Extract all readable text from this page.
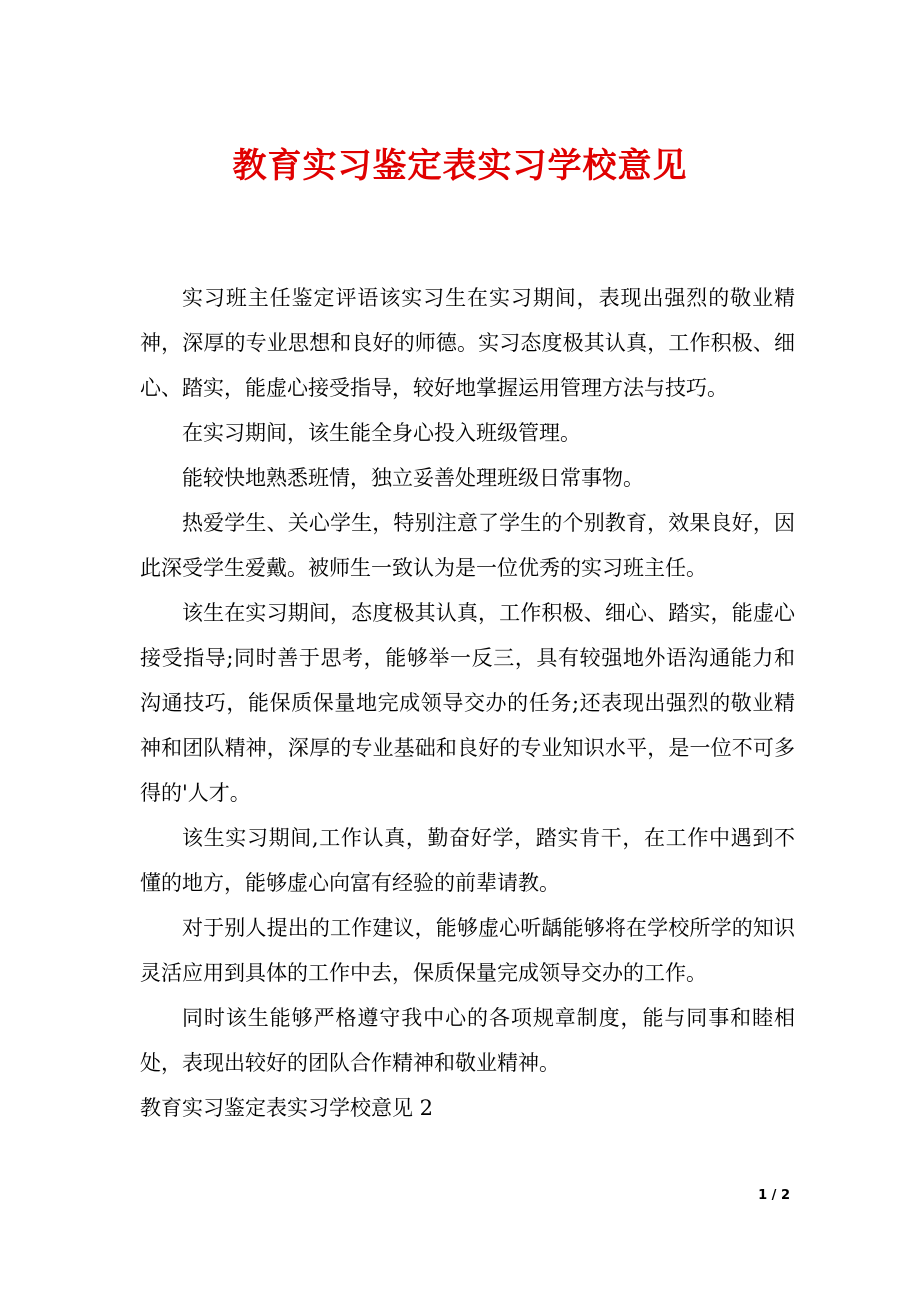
教育实习鉴定表实习学校意见

实习班主任鉴定评语该实习生在实习期间，表现出强烈的敬业精神，深厚的专业思想和良好的师德。实习态度极其认真，工作积极、细心、踏实，能虚心接受指导，较好地掌握运用管理方法与技巧。

在实习期间，该生能全身心投入班级管理。

能较快地熟悉班情，独立妥善处理班级日常事物。

热爱学生、关心学生，特别注意了学生的个别教育，效果良好，因此深受学生爱戴。被师生一致认为是一位优秀的实习班主任。

该生在实习期间，态度极其认真，工作积极、细心、踏实，能虚心接受指导;同时善于思考，能够举一反三，具有较强地外语沟通能力和沟通技巧，能保质保量地完成领导交办的任务;还表现出强烈的敬业精神和团队精神，深厚的专业基础和良好的专业知识水平，是一位不可多得的'人才。

该生实习期间,工作认真，勤奋好学，踏实肯干，在工作中遇到不懂的地方，能够虚心向富有经验的前辈请教。

对于别人提出的工作建议，能够虚心听龋能够将在学校所学的知识灵活应用到具体的工作中去，保质保量完成领导交办的工作。

同时该生能够严格遵守我中心的各项规章制度，能与同事和睦相处，表现出较好的团队合作精神和敬业精神。

教育实习鉴定表实习学校意见 2

1 / 2
